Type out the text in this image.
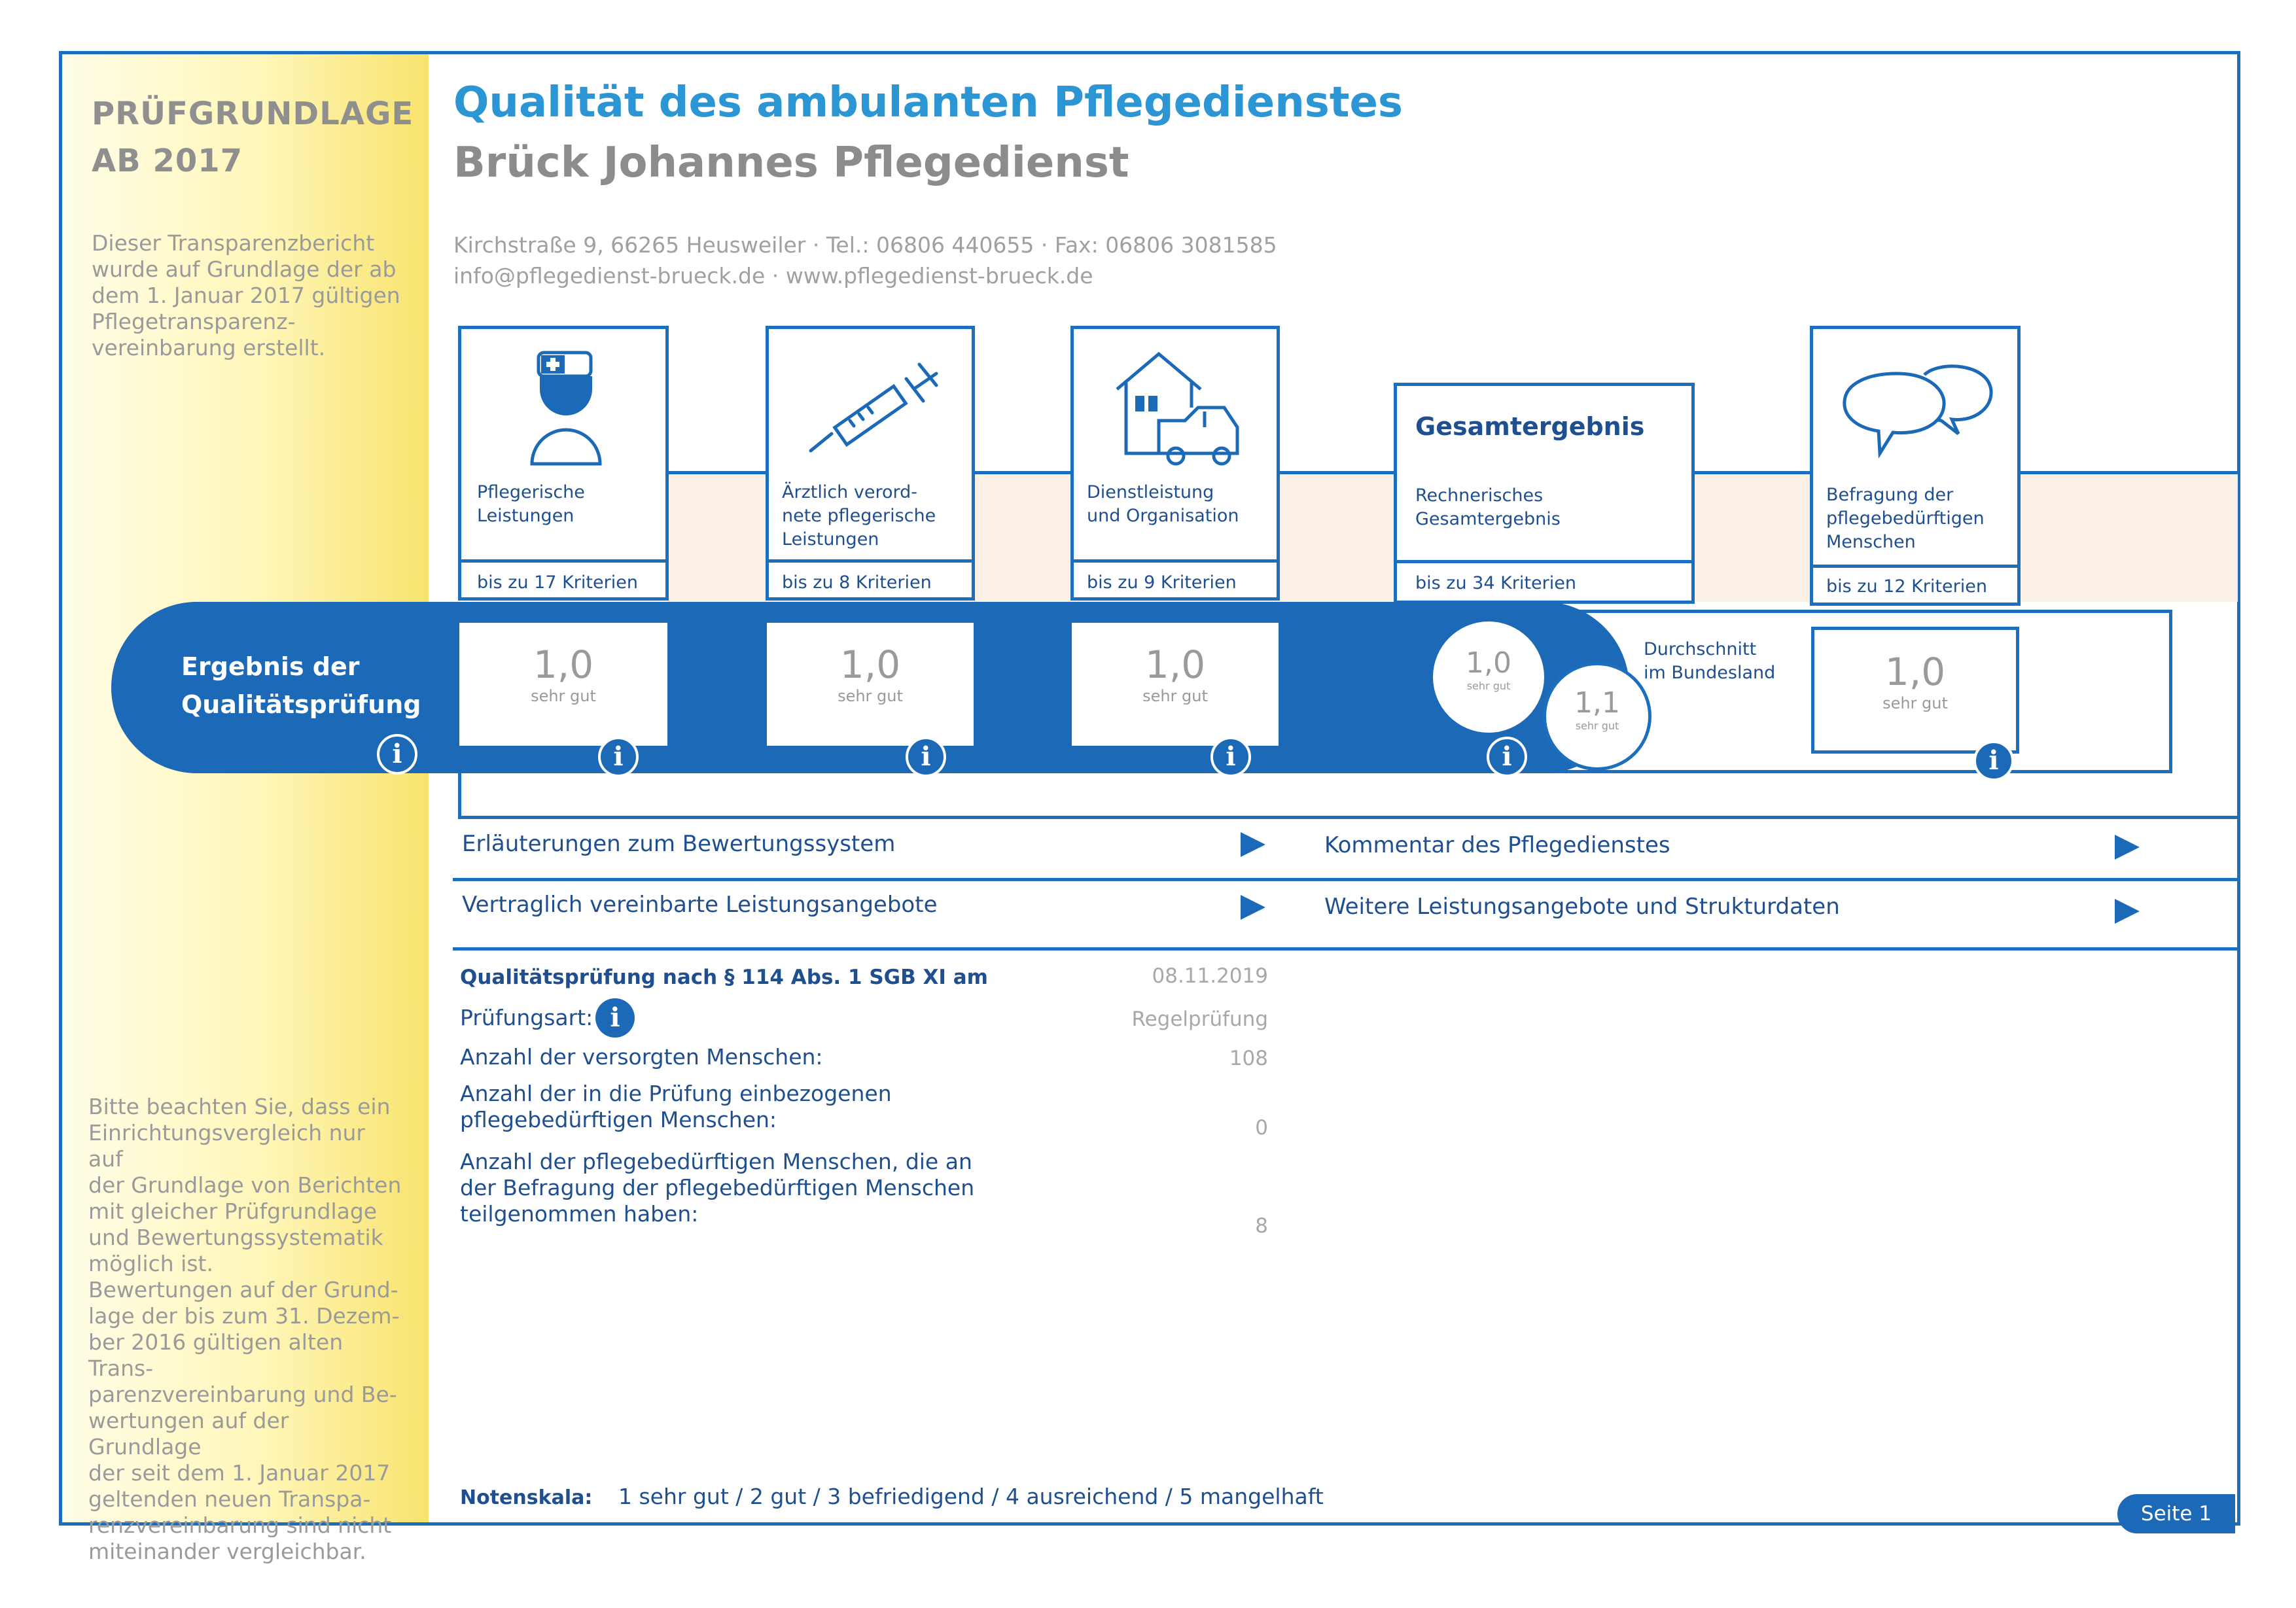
PRÜFGRUNDLAGE
AB 2017
Dieser Transparenzbericht
wurde auf Grundlage der ab
dem 1. Januar 2017 gültigen
Pflegetransparenz-
vereinbarung erstellt.
Bitte beachten Sie, dass ein
Einrichtungsvergleich nur auf
der Grundlage von Berichten
mit gleicher Prüfgrundlage
und Bewertungssystematik
möglich ist.
Bewertungen auf der Grund-
lage der bis zum 31. Dezem-
ber 2016 gültigen alten Trans-
parenzvereinbarung und Be-
wertungen auf der Grundlage
der seit dem 1. Januar 2017
geltenden neuen Transpa-
renzvereinbarung sind nicht
miteinander vergleichbar.
Qualität des ambulanten Pflegedienstes
Brück Johannes Pflegedienst
Kirchstraße 9, 66265 Heusweiler · Tel.: 06806 440655 · Fax: 06806 3081585
info@pflegedienst-brueck.de · www.pflegedienst-brueck.de
Pflegerische
Leistungen
bis zu 17 Kriterien
Ärztlich verord-
nete pflegerische
Leistungen
bis zu 8 Kriterien
Dienstleistung
und Organisation
bis zu 9 Kriterien
Gesamtergebnis
Rechnerisches
Gesamtergebnis
bis zu 34 Kriterien
Befragung der
pflegebedürftigen
Menschen
bis zu 12 Kriterien
Ergebnis der
Qualitätsprüfung
1,0
sehr gut
1,0
sehr gut
1,0
sehr gut
1,0
sehr gut
1,1
sehr gut
Durchschnitt
im Bundesland	1,0
sehr gut
i	i	i	i	i	i
Erläuterungen zum Bewertungssystem	Kommentar des Pflegedienstes
Vertraglich vereinbarte Leistungsangebote	Weitere Leistungsangebote und Strukturdaten
Qualitätsprüfung nach § 114 Abs. 1 SGB XI am	08.11.2019
Prüfungsart: i	Regelprüfung
Anzahl der versorgten Menschen:	108
Anzahl der in die Prüfung einbezogenen
pflegebedürftigen Menschen:	0
Anzahl der pflegebedürftigen Menschen, die an
der Befragung der pflegebedürftigen Menschen
teilgenommen haben:	8
Notenskala: 1 sehr gut / 2 gut / 3 befriedigend / 4 ausreichend / 5 mangelhaft
Seite 1
